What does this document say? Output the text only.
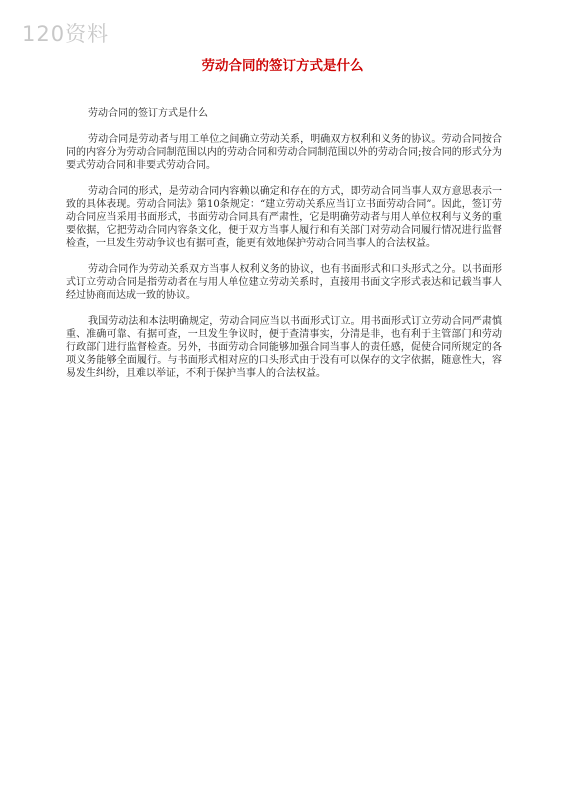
120资料
劳动合同的签订方式是什么

劳动合同的签订方式是什么

劳动合同是劳动者与用工单位之间确立劳动关系，明确双方权利和义务的协议。劳动合同按合同的内容分为劳动合同制范围以内的劳动合同和劳动合同制范围以外的劳动合同;按合同的形式分为要式劳动合同和非要式劳动合同。

劳动合同的形式，是劳动合同内容赖以确定和存在的方式，即劳动合同当事人双方意思表示一致的具体表现。劳动合同法》第10条规定：“建立劳动关系应当订立书面劳动合同”。因此，签订劳动合同应当采用书面形式，书面劳动合同具有严肃性，它是明确劳动者与用人单位权利与义务的重要依据，它把劳动合同内容条文化，便于双方当事人履行和有关部门对劳动合同履行情况进行监督检查，一旦发生劳动争议也有据可查，能更有效地保护劳动合同当事人的合法权益。

劳动合同作为劳动关系双方当事人权利义务的协议，也有书面形式和口头形式之分。以书面形式订立劳动合同是指劳动者在与用人单位建立劳动关系时，直接用书面文字形式表达和记载当事人经过协商而达成一致的协议。

我国劳动法和本法明确规定，劳动合同应当以书面形式订立。用书面形式订立劳动合同严肃慎重、准确可靠、有据可查，一旦发生争议时，便于查清事实，分清是非，也有利于主管部门和劳动行政部门进行监督检查。另外，书面劳动合同能够加强合同当事人的责任感，促使合同所规定的各项义务能够全面履行。与书面形式相对应的口头形式由于没有可以保存的文字依据，随意性大，容易发生纠纷，且难以举证，不利于保护当事人的合法权益。
